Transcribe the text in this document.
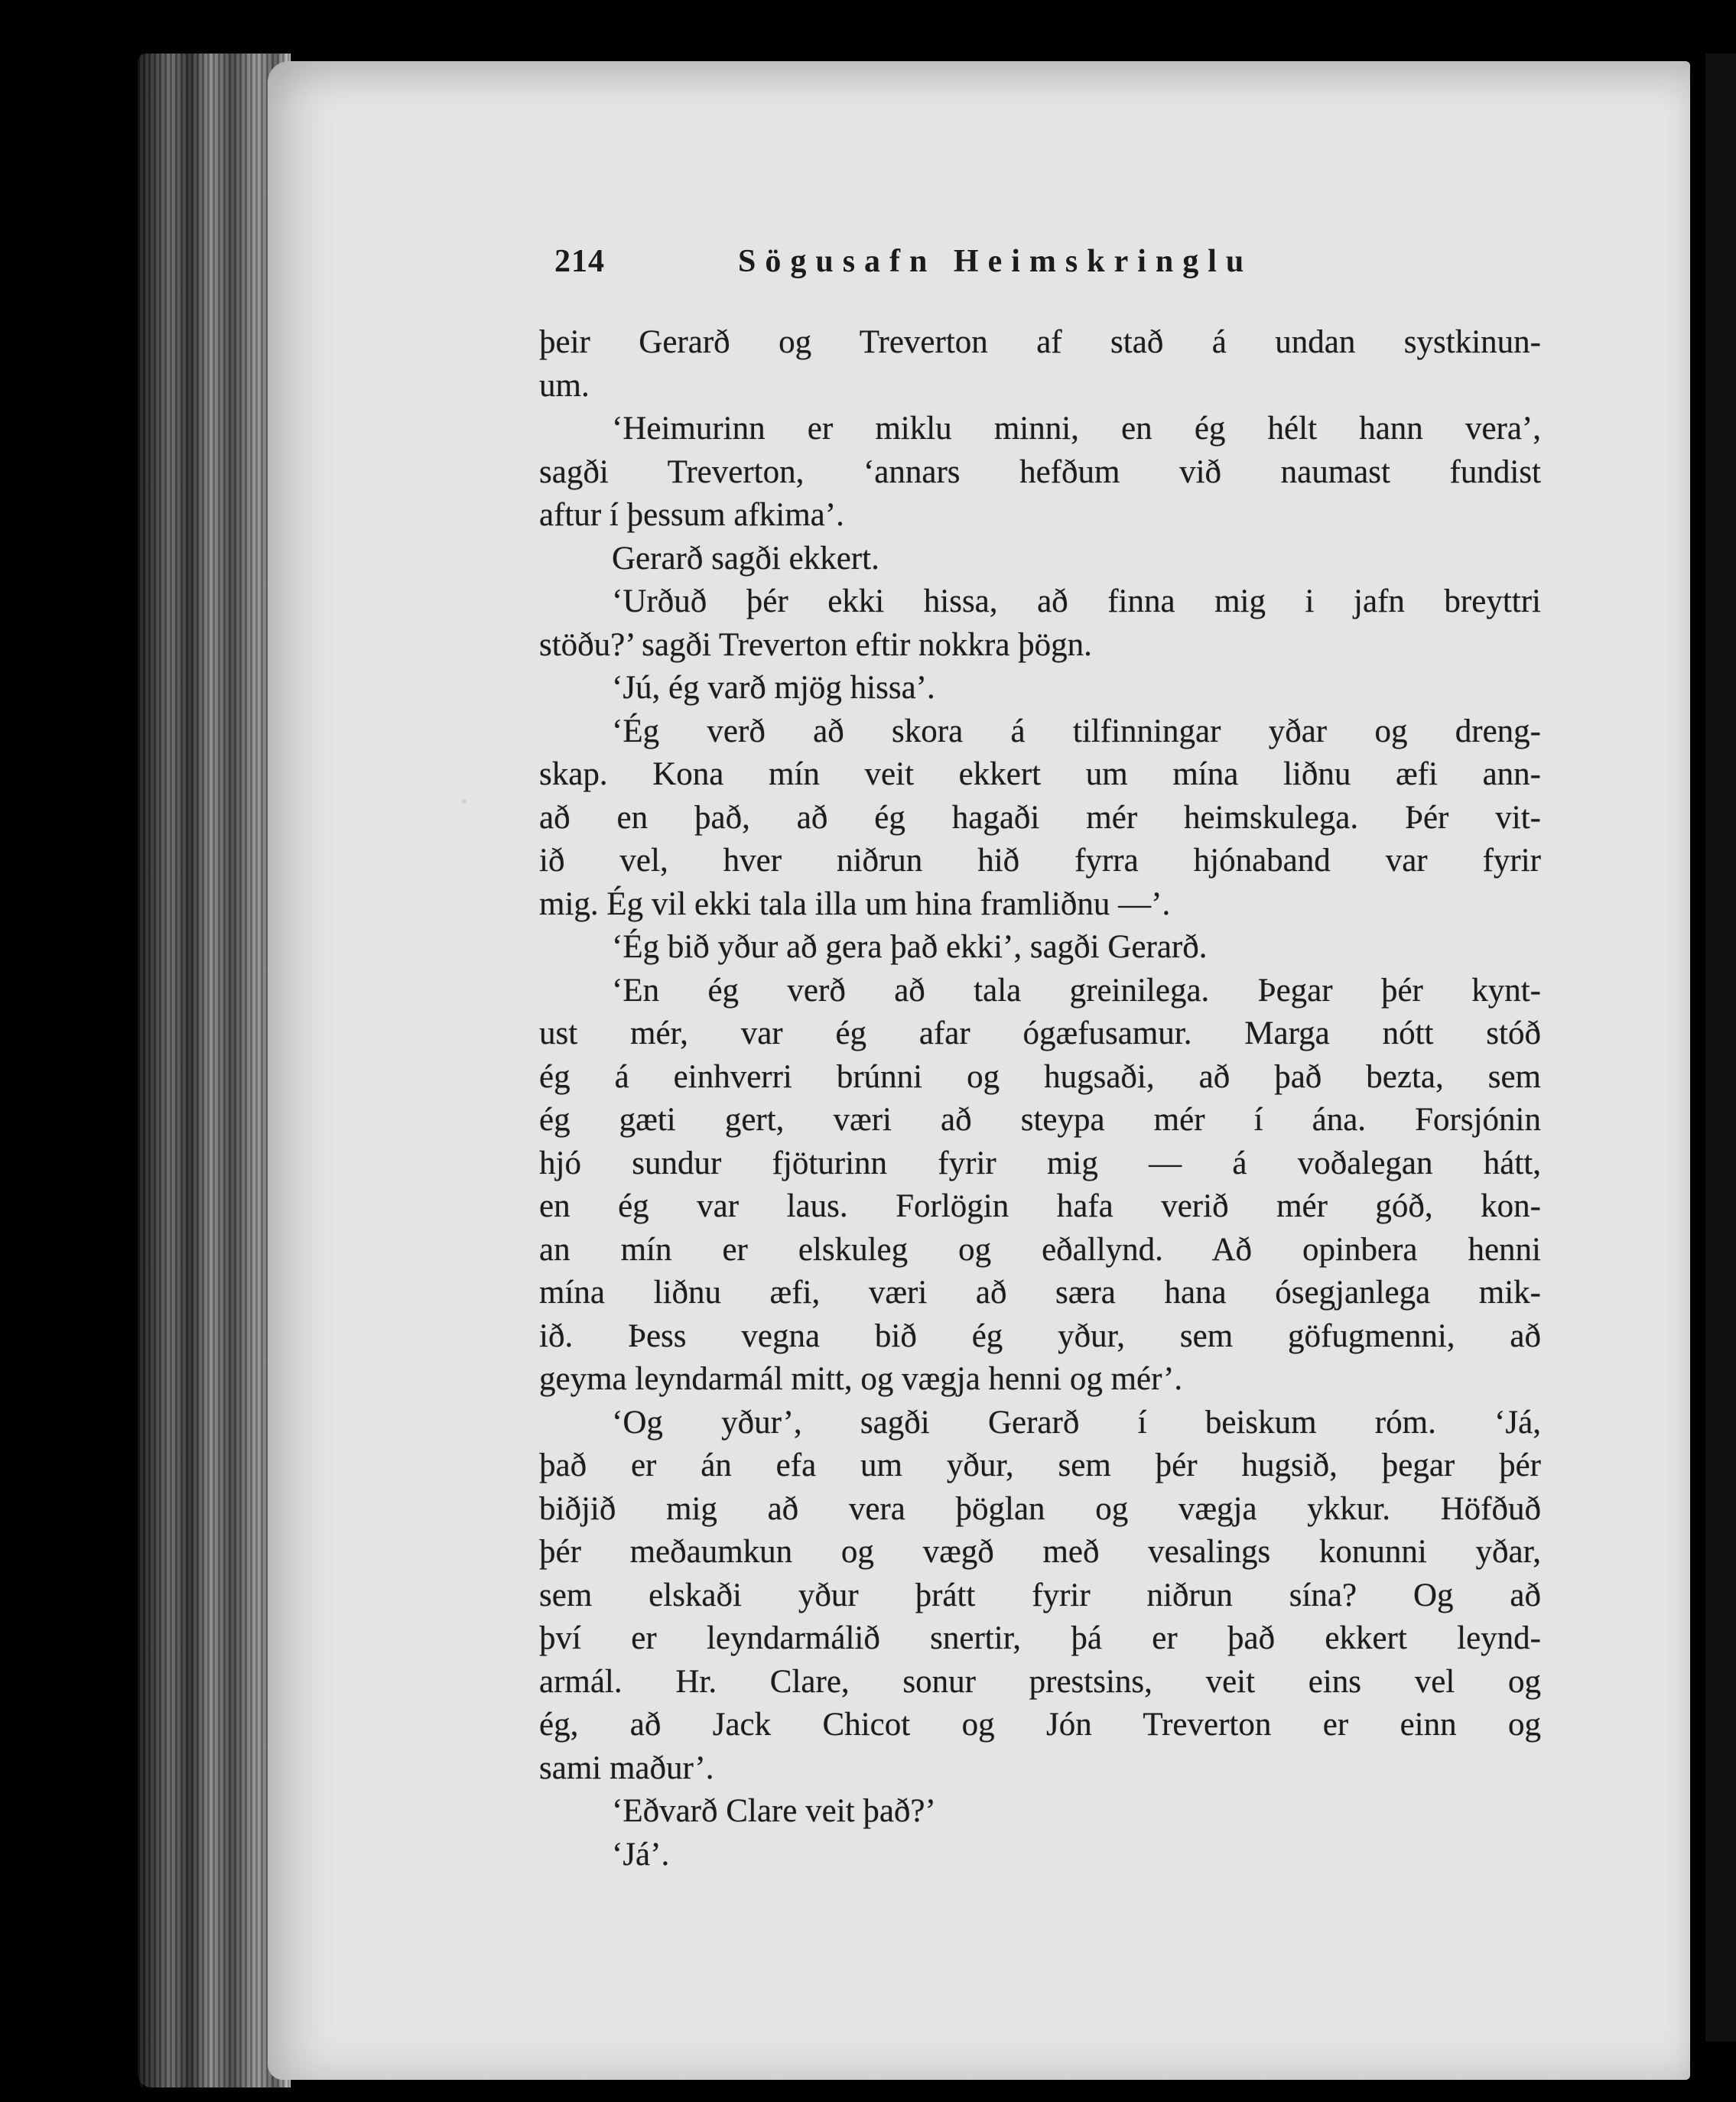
214	Sögusafn Heimskringlu
þeir Gerarð og Treverton af stað á undan systkinun-
um.
‘Heimurinn er miklu minni, en ég hélt hann vera’,
sagði Treverton, ‘annars hefðum við naumast fundist
aftur í þessum afkima’.
Gerarð sagði ekkert.
‘Urðuð þér ekki hissa, að finna mig i jafn breyttri
stöðu?’ sagði Treverton eftir nokkra þögn.
‘Jú, ég varð mjög hissa’.
‘Ég verð að skora á tilfinningar yðar og dreng-
skap. Kona mín veit ekkert um mína liðnu æfi ann-
að en það, að ég hagaði mér heimskulega. Þér vit-
ið vel, hver niðrun hið fyrra hjónaband var fyrir
mig. Ég vil ekki tala illa um hina framliðnu —’.
‘Ég bið yður að gera það ekki’, sagði Gerarð.
‘En ég verð að tala greinilega. Þegar þér kynt-
ust mér, var ég afar ógæfusamur. Marga nótt stóð
ég á einhverri brúnni og hugsaði, að það bezta, sem
ég gæti gert, væri að steypa mér í ána. Forsjónin
hjó sundur fjöturinn fyrir mig — á voðalegan hátt,
en ég var laus. Forlögin hafa verið mér góð, kon-
an mín er elskuleg og eðallynd. Að opinbera henni
mína liðnu æfi, væri að særa hana ósegjanlega mik-
ið. Þess vegna bið ég yður, sem göfugmenni, að
geyma leyndarmál mitt, og vægja henni og mér’.
‘Og yður’, sagði Gerarð í beiskum róm. ‘Já,
það er án efa um yður, sem þér hugsið, þegar þér
biðjið mig að vera þöglan og vægja ykkur. Höfðuð
þér meðaumkun og vægð með vesalings konunni yðar,
sem elskaði yður þrátt fyrir niðrun sína? Og að
því er leyndarmálið snertir, þá er það ekkert leynd-
armál. Hr. Clare, sonur prestsins, veit eins vel og
ég, að Jack Chicot og Jón Treverton er einn og
sami maður’.
‘Eðvarð Clare veit það?’
‘Já’.
